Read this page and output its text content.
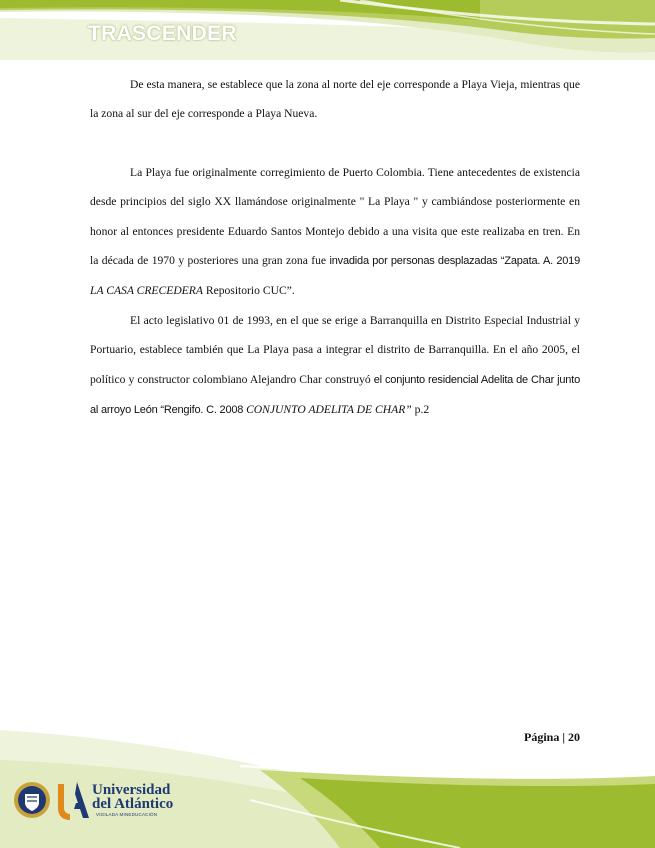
TRASCENDER

De esta manera, se establece que la zona al norte del eje corresponde a Playa Vieja, mientras que la zona al sur del eje corresponde a Playa Nueva.

La Playa fue originalmente corregimiento de Puerto Colombia. Tiene antecedentes de existencia desde principios del siglo XX llamándose originalmente " La Playa " y cambiándose posteriormente en honor al entonces presidente Eduardo Santos Montejo debido a una visita que este realizaba en tren. En la década de 1970 y posteriores una gran zona fue invadida por personas desplazadas “Zapata. A. 2019 LA CASA CRECEDERA Repositorio CUC”.

El acto legislativo 01 de 1993, en el que se erige a Barranquilla en Distrito Especial Industrial y Portuario, establece también que La Playa pasa a integrar el distrito de Barranquilla. En el año 2005, el político y constructor colombiano Alejandro Char construyó el conjunto residencial Adelita de Char junto al arroyo León “Rengifo. C. 2008 CONJUNTO ADELITA DE CHAR” p.2

Página | 20
Universidad
del Atlántico
VIGILADA MINEDUCACIÓN
